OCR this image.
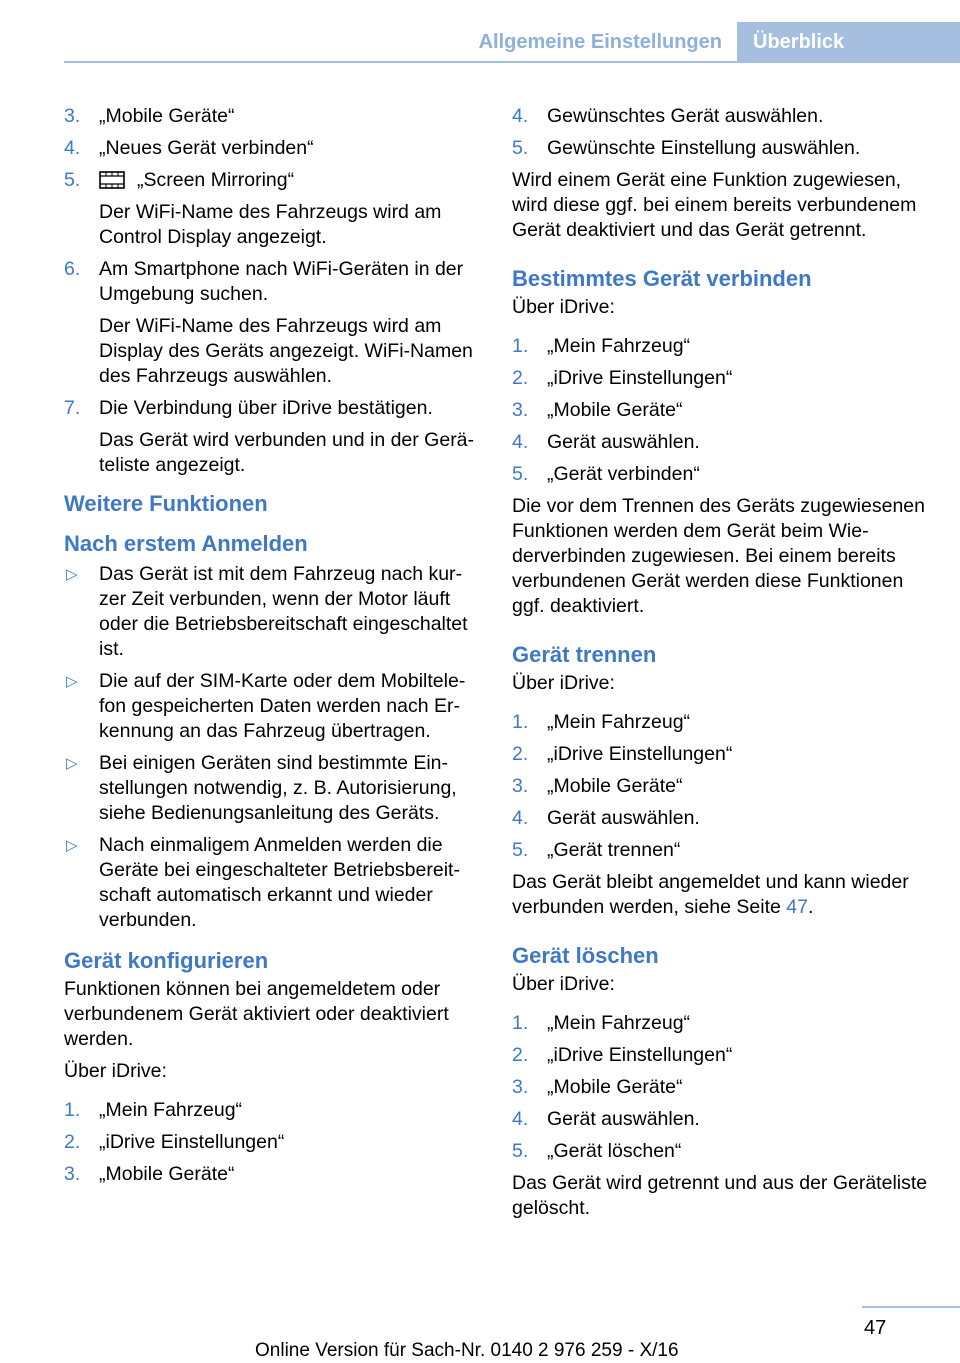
Allgemeine Einstellungen Überblick
3. „Mobile Geräte“
4. „Neues Gerät verbinden“
5.	„Screen Mirroring“
Der WiFi-Name des Fahrzeugs wird am Control Display angezeigt.
6. Am Smartphone nach WiFi-Geräten in der Umgebung suchen.
Der WiFi-Name des Fahrzeugs wird am Display des Geräts angezeigt. WiFi-Namen des Fahrzeugs auswählen.
7. Die Verbindung über iDrive bestätigen.
Das Gerät wird verbunden und in der Geräteliste angezeigt.
Weitere Funktionen
Nach erstem Anmelden
▷ Das Gerät ist mit dem Fahrzeug nach kurzer Zeit verbunden, wenn der Motor läuft oder die Betriebsbereitschaft eingeschaltet ist.
▷ Die auf der SIM-Karte oder dem Mobiltelefon gespeicherten Daten werden nach Erkennung an das Fahrzeug übertragen.
▷ Bei einigen Geräten sind bestimmte Einstellungen notwendig, z. B. Autorisierung, siehe Bedienungsanleitung des Geräts.
▷ Nach einmaligem Anmelden werden die Geräte bei eingeschalteter Betriebsbereitschaft automatisch erkannt und wieder verbunden.
Gerät konfigurieren
Funktionen können bei angemeldetem oder verbundenem Gerät aktiviert oder deaktiviert werden.
Über iDrive:
1. „Mein Fahrzeug“
2. „iDrive Einstellungen“
3. „Mobile Geräte“
4. Gewünschtes Gerät auswählen.
5. Gewünschte Einstellung auswählen.
Wird einem Gerät eine Funktion zugewiesen, wird diese ggf. bei einem bereits verbundenem Gerät deaktiviert und das Gerät getrennt.
Bestimmtes Gerät verbinden
Über iDrive:
1. „Mein Fahrzeug“
2. „iDrive Einstellungen“
3. „Mobile Geräte“
4. Gerät auswählen.
5. „Gerät verbinden“
Die vor dem Trennen des Geräts zugewiesenen Funktionen werden dem Gerät beim Wiederverbinden zugewiesen. Bei einem bereits verbundenen Gerät werden diese Funktionen ggf. deaktiviert.
Gerät trennen
Über iDrive:
1. „Mein Fahrzeug“
2. „iDrive Einstellungen“
3. „Mobile Geräte“
4. Gerät auswählen.
5. „Gerät trennen“
Das Gerät bleibt angemeldet und kann wieder verbunden werden, siehe Seite 47.
Gerät löschen
Über iDrive:
1. „Mein Fahrzeug“
2. „iDrive Einstellungen“
3. „Mobile Geräte“
4. Gerät auswählen.
5. „Gerät löschen“
Das Gerät wird getrennt und aus der Geräteliste gelöscht.
47
Online Version für Sach-Nr. 0140 2 976 259 - X/16
